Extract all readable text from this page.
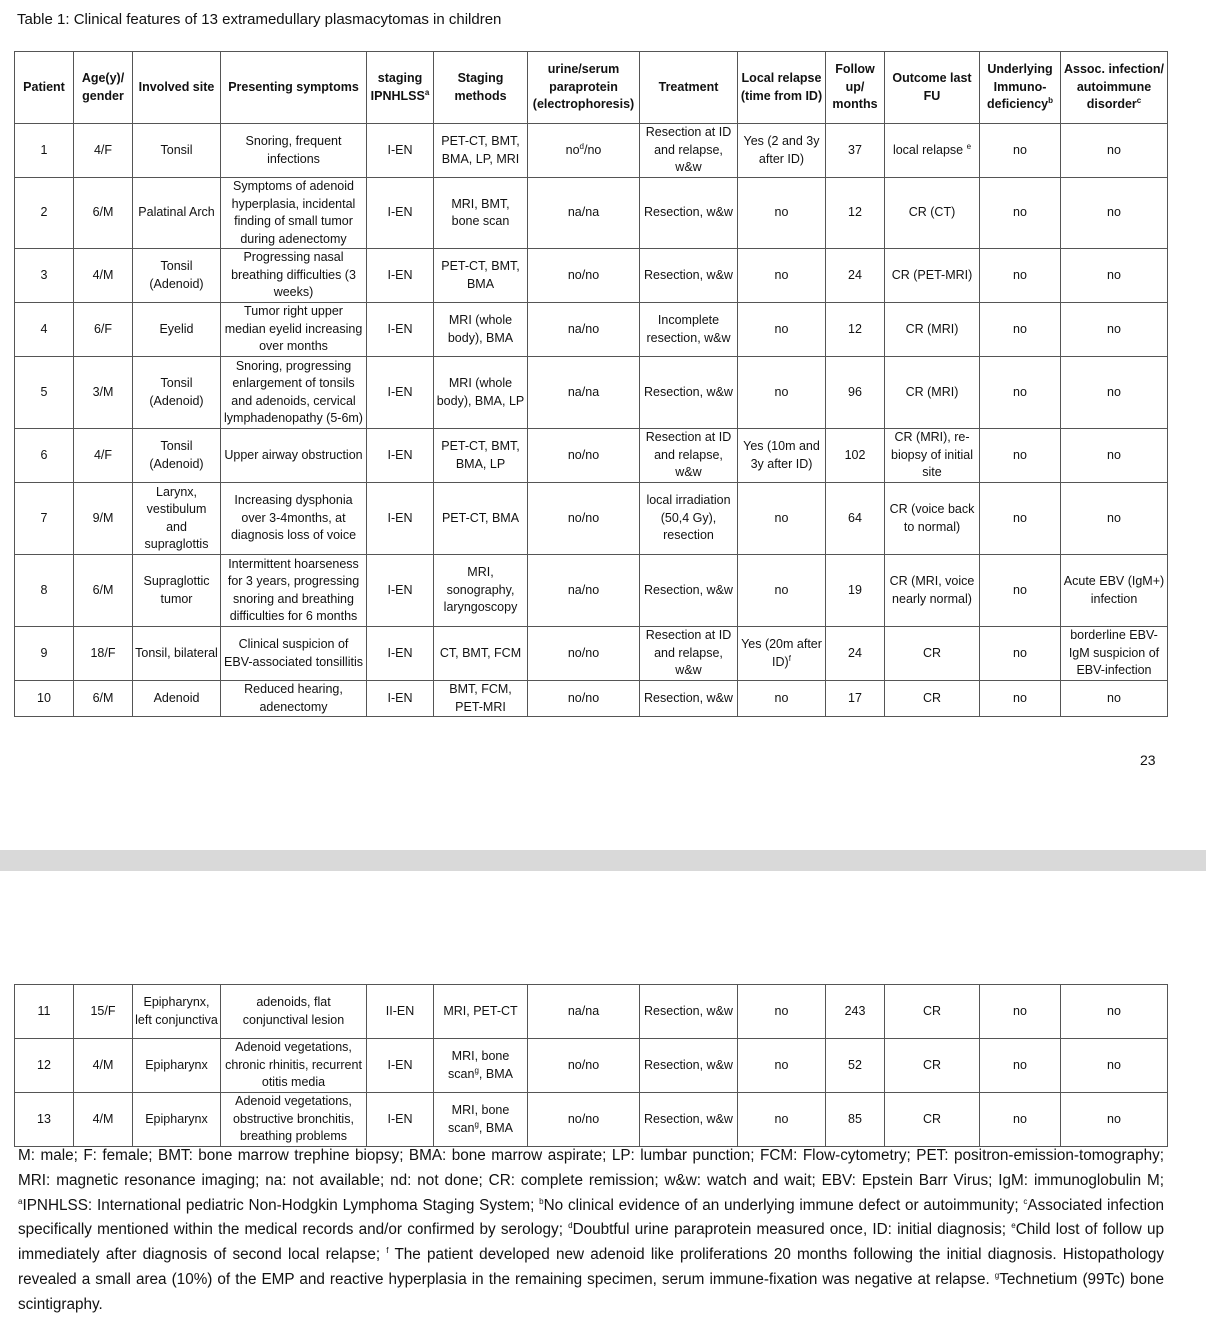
Table 1: Clinical features of 13 extramedullary plasmacytomas in children
Patient	Age(y)/ gender	Involved site	Presenting symptoms	staging IPNHLSS$^a$	Staging methods	urine/serum paraprotein (electrophoresis)	Treatment	Local relapse (time from ID)	Follow up/ months	Outcome last FU	Underlying Immuno-deficiency$^b$	Assoc. infection/ autoimmune disorder$^c$
1	4/F	Tonsil	Snoring, frequent infections	I-EN	PET-CT, BMT, BMA, LP, MRI	$no^d/no$	Resection at ID and relapse, w&w	Yes (2 and 3y after ID)	37	local relapse $^e$	no	no
2	6/M	Palatinal Arch	Symptoms of adenoid hyperplasia, incidental finding of small tumor during adenectomy	I-EN	MRI, BMT, bone scan	na/na	Resection, w&w	no	12	CR (CT)	no	no
3	4/M	Tonsil (Adenoid)	Progressing nasal breathing difficulties (3 weeks)	I-EN	PET-CT, BMT, BMA	no/no	Resection, w&w	no	24	CR (PET-MRI)	no	no
4	6/F	Eyelid	Tumor right upper median eyelid increasing over months	I-EN	MRI (whole body), BMA	na/no	Incomplete resection, w&w	no	12	CR (MRI)	no	no
5	3/M	Tonsil (Adenoid)	Snoring, progressing enlargement of tonsils and adenoids, cervical lymphadenopathy (5-6m)	I-EN	MRI (whole body), BMA, LP	na/na	Resection, w&w	no	96	CR (MRI)	no	no
6	4/F	Tonsil (Adenoid)	Upper airway obstruction	I-EN	PET-CT, BMT, BMA, LP	no/no	Resection at ID and relapse, w&w	Yes (10m and 3y after ID)	102	CR (MRI), re-biopsy of initial site	no	no
7	9/M	Larynx, vestibulum and supraglottis	Increasing dysphonia over 3-4months, at diagnosis loss of voice	I-EN	PET-CT, BMA	no/no	local irradiation (50,4 Gy), resection	no	64	CR (voice back to normal)	no	no
8	6/M	Supraglottic tumor	Intermittent hoarseness for 3 years, progressing snoring and breathing difficulties for 6 months	I-EN	MRI, sonography, laryngoscopy	na/no	Resection, w&w	no	19	CR (MRI, voice nearly normal)	no	Acute EBV (IgM+) infection
9	18/F	Tonsil, bilateral	Clinical suspicion of EBV-associated tonsillitis	I-EN	CT, BMT, FCM	no/no	Resection at ID and relapse, w&w	Yes (20m after ID)$^f$	24	CR	no	borderline EBV-IgM suspicion of EBV-infection
10	6/M	Adenoid	Reduced hearing, adenectomy	I-EN	BMT, FCM, PET-MRI	no/no	Resection, w&w	no	17	CR	no	no
23
11	15/F	Epipharynx, left conjunctiva	adenoids, flat conjunctival lesion	II-EN	MRI, PET-CT	na/na	Resection, w&w	no	243	CR	no	no
12	4/M	Epipharynx	Adenoid vegetations, chronic rhinitis, recurrent otitis media	I-EN	MRI, bone scan$^g$, BMA	no/no	Resection, w&w	no	52	CR	no	no
13	4/M	Epipharynx	Adenoid vegetations, obstructive bronchitis, breathing problems	I-EN	MRI, bone scan$^g$, BMA	no/no	Resection, w&w	no	85	CR	no	no
M: male; F: female; BMT: bone marrow trephine biopsy; BMA: bone marrow aspirate; LP: lumbar punction; FCM: Flow-cytometry; PET: positron-emission-tomography; MRI: magnetic resonance imaging; na: not available; nd: not done; CR: complete remission; w&w: watch and wait; EBV: Epstein Barr Virus; IgM: immunoglobulin M; $^a$IPNHLSS: International pediatric Non-Hodgkin Lymphoma Staging System; $^b$No clinical evidence of an underlying immune defect or autoimmunity; $^c$Associated infection specifically mentioned within the medical records and/or confirmed by serology; $^d$Doubtful urine paraprotein measured once, ID: initial diagnosis; $^e$Child lost of follow up immediately after diagnosis of second local relapse; $^f$ The patient developed new adenoid like proliferations 20 months following the initial diagnosis. Histopathology revealed a small area (10%) of the EMP and reactive hyperplasia in the remaining specimen, serum immune-fixation was negative at relapse. $^g$Technetium (99Tc) bone scintigraphy.
